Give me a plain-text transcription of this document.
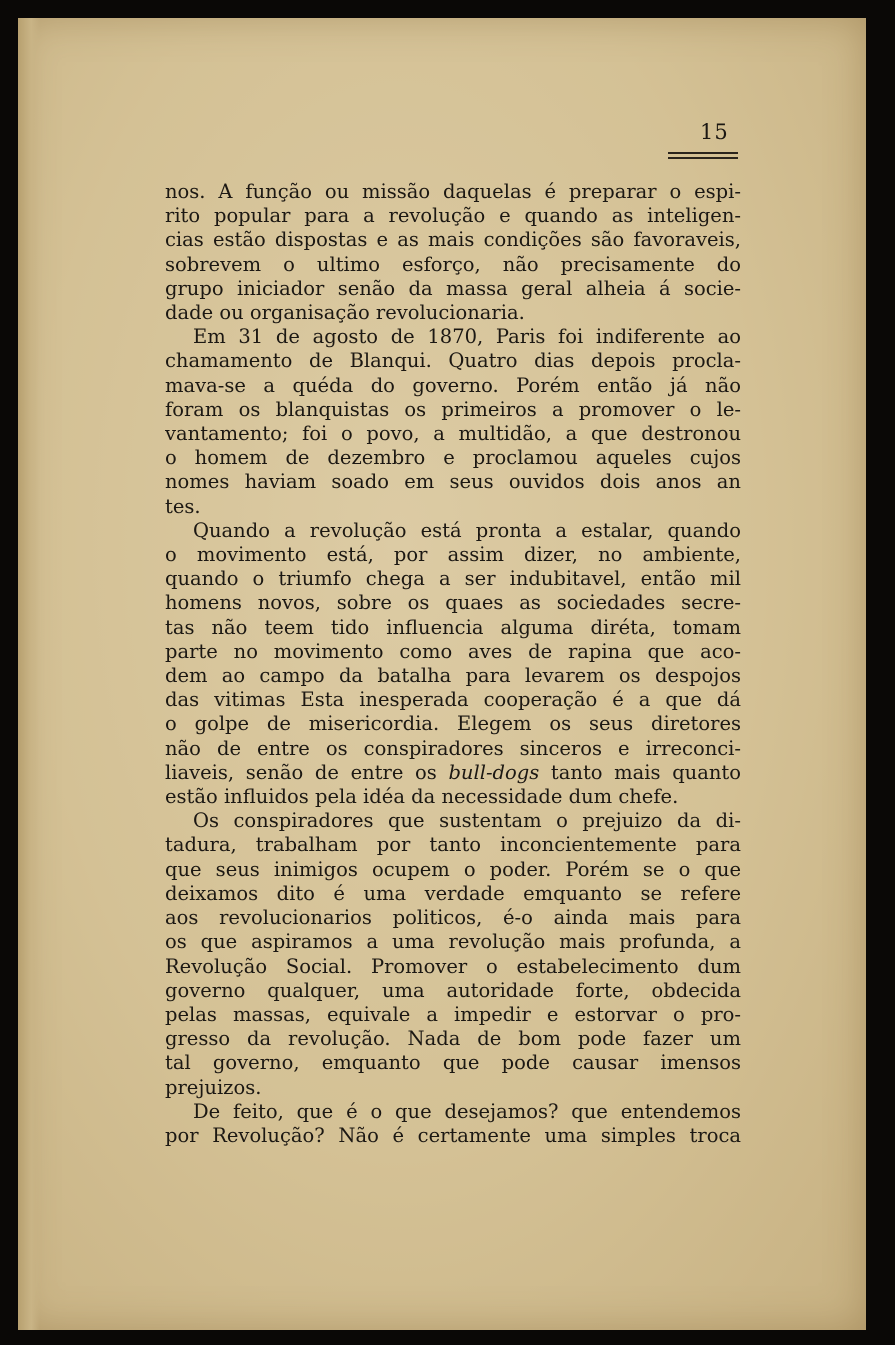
15
nos. A função ou missão daquelas é preparar o espi-
rito popular para a revolução e quando as inteligen-
cias estão dispostas e as mais condições são favoraveis,
sobrevem o ultimo esforço, não precisamente do
grupo iniciador senão da massa geral alheia á socie-
dade ou organisação revolucionaria.
Em 31 de agosto de 1870, Paris foi indiferente ao
chamamento de Blanqui. Quatro dias depois procla-
mava-se a quéda do governo. Porém então já não
foram os blanquistas os primeiros a promover o le-
vantamento; foi o povo, a multidão, a que destronou
o homem de dezembro e proclamou aqueles cujos
nomes haviam soado em seus ouvidos dois anos an
tes.
Quando a revolução está pronta a estalar, quando
o movimento está, por assim dizer, no ambiente,
quando o triumfo chega a ser indubitavel, então mil
homens novos, sobre os quaes as sociedades secre-
tas não teem tido influencia alguma diréta, tomam
parte no movimento como aves de rapina que aco-
dem ao campo da batalha para levarem os despojos
das vitimas Esta inesperada cooperação é a que dá
o golpe de misericordia. Elegem os seus diretores
não de entre os conspiradores sinceros e irreconci-
liaveis, senão de entre os bull-dogs tanto mais quanto
estão influidos pela idéa da necessidade dum chefe.
Os conspiradores que sustentam o prejuizo da di-
tadura, trabalham por tanto inconcientemente para
que seus inimigos ocupem o poder. Porém se o que
deixamos dito é uma verdade emquanto se refere
aos revolucionarios politicos, é-o ainda mais para
os que aspiramos a uma revolução mais profunda, a
Revolução Social. Promover o estabelecimento dum
governo qualquer, uma autoridade forte, obdecida
pelas massas, equivale a impedir e estorvar o pro-
gresso da revolução. Nada de bom pode fazer um
tal governo, emquanto que pode causar imensos
prejuizos.
De feito, que é o que desejamos? que entendemos
por Revolução? Não é certamente uma simples troca
